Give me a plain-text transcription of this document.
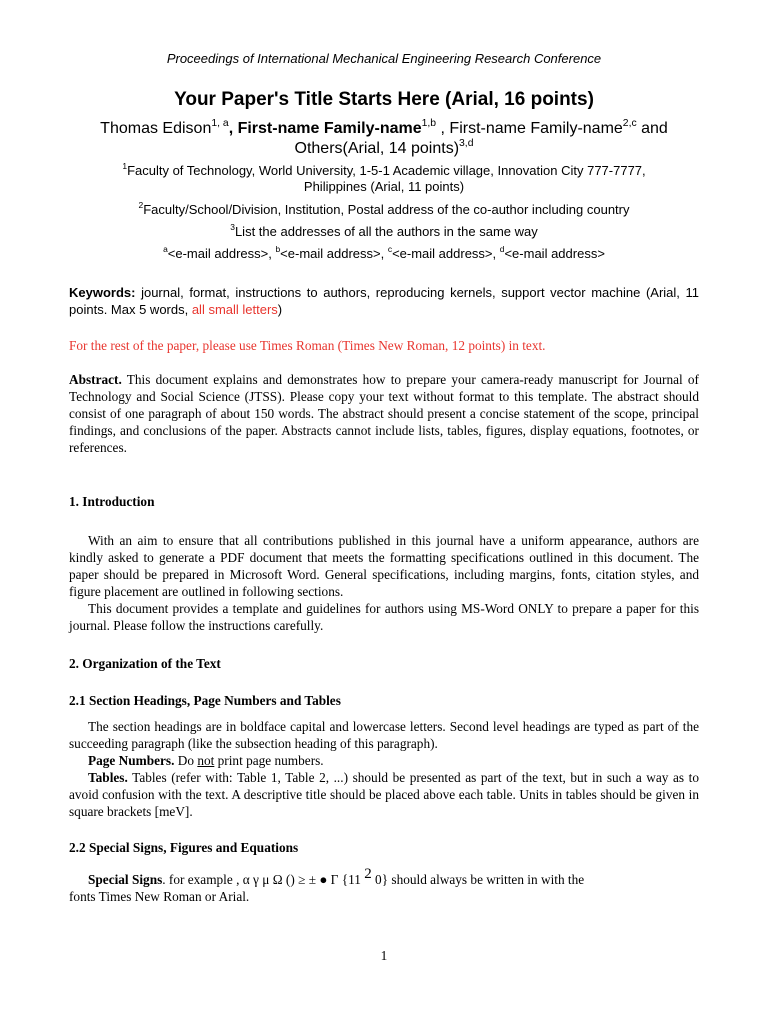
Proceedings of International Mechanical Engineering Research Conference
Your Paper's Title Starts Here (Arial, 16 points)
Thomas Edison$^{1, a}$, First-name Family-name$^{1,b}$ , First-name Family-name$^{2,c}$ and
Others(Arial, 14 points)$^{3,d}$
$^1$Faculty of Technology, World University, 1-5-1 Academic village, Innovation City 777-7777,
Philippines (Arial, 11 points)
$^2$Faculty/School/Division, Institution, Postal address of the co-author including country
$^3$List the addresses of all the authors in the same way
$^a$<e-mail address>, $^b$<e-mail address>, $^c$<e-mail address>, $^d$<e-mail address>
Keywords: journal, format, instructions to authors, reproducing kernels, support vector machine (Arial, 11 points. Max 5 words, all small letters)
For the rest of the paper, please use Times Roman (Times New Roman, 12 points) in text.
Abstract. This document explains and demonstrates how to prepare your camera-ready manuscript for Journal of Technology and Social Science (JTSS). Please copy your text without format to this template. The abstract should consist of one paragraph of about 150 words. The abstract should present a concise statement of the scope, principal findings, and conclusions of the paper. Abstracts cannot include lists, tables, figures, display equations, footnotes, or references.
1. Introduction
With an aim to ensure that all contributions published in this journal have a uniform appearance, authors are kindly asked to generate a PDF document that meets the formatting specifications outlined in this document. The paper should be prepared in Microsoft Word. General specifications, including margins, fonts, citation styles, and figure placement are outlined in following sections.
This document provides a template and guidelines for authors using MS-Word ONLY to prepare a paper for this journal. Please follow the instructions carefully.
2. Organization of the Text
2.1 Section Headings, Page Numbers and Tables
The section headings are in boldface capital and lowercase letters. Second level headings are typed as part of the succeeding paragraph (like the subsection heading of this paragraph).
Page Numbers. Do not print page numbers.
Tables. Tables (refer with: Table 1, Table 2, ...) should be presented as part of the text, but in such a way as to avoid confusion with the text. A descriptive title should be placed above each table. Units in tables should be given in square brackets [meV].
2.2 Special Signs, Figures and Equations
Special Signs. for example , α γ μ Ω () ≥ ± ● Γ {11 2 0} should always be written in with the
fonts Times New Roman or Arial.
1
